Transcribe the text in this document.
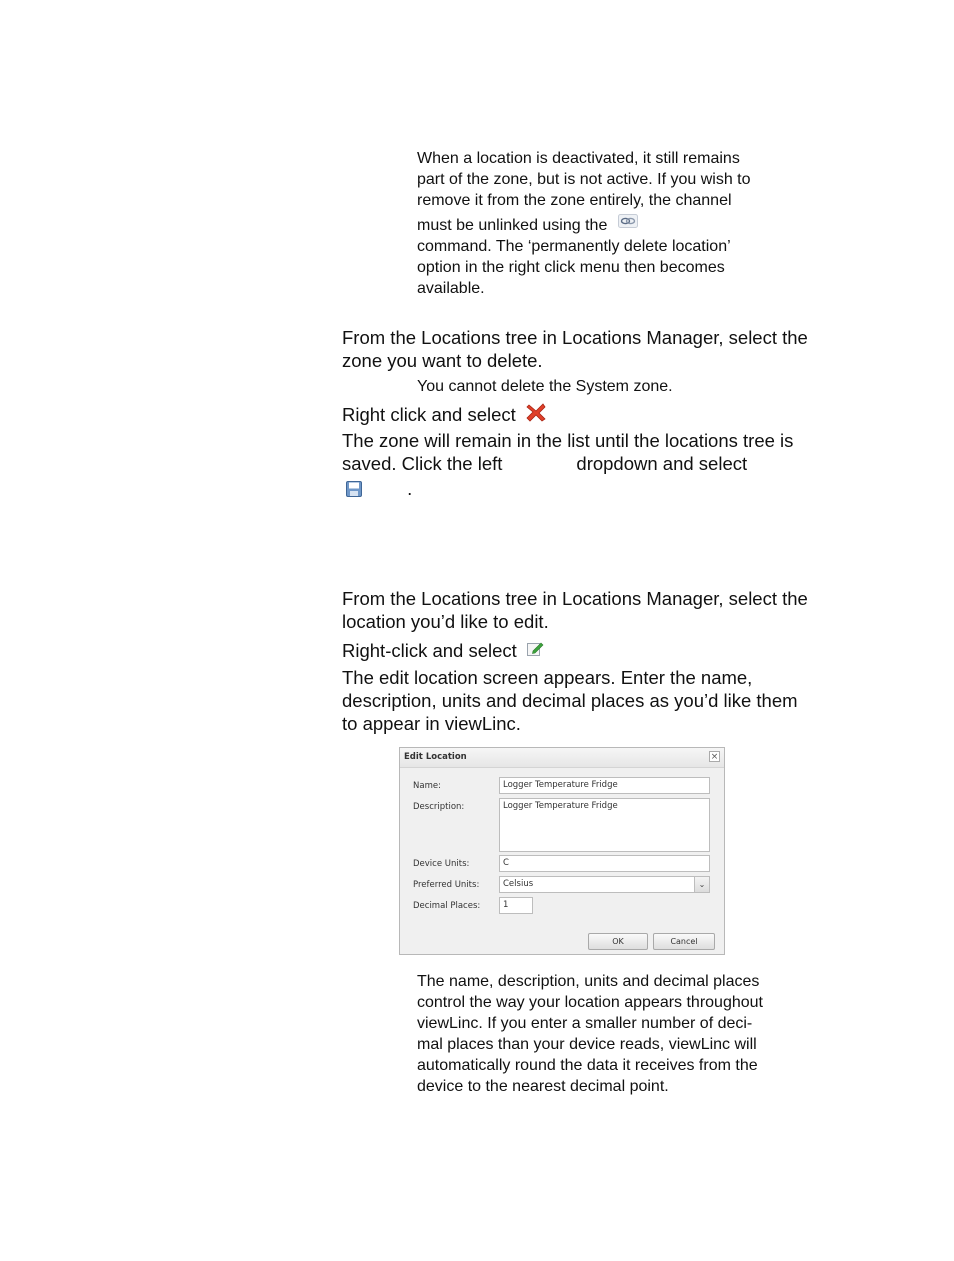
When a location is deactivated, it still remains
part of the zone, but is not active. If you wish to
remove it from the zone entirely, the channel
must be unlinked using the
command. The ‘permanently delete location’
option in the right click menu then becomes
available.
From the Locations tree in Locations Manager, select the
zone you want to delete.
You cannot delete the System zone.
Right click and select
The zone will remain in the list until the locations tree is
saved. Click the left	dropdown and select
.
From the Locations tree in Locations Manager, select the
location you’d like to edit.
Right-click and select
The edit location screen appears. Enter the name,
description, units and decimal places as you’d like them
to appear in viewLinc.
Edit Location	×
Name:	Logger Temperature Fridge
Description:	Logger Temperature Fridge
Device Units:	C
Preferred Units:	Celsius	⌄
Decimal Places:	1
OK	Cancel
The name, description, units and decimal places
control the way your location appears throughout
viewLinc. If you enter a smaller number of deci-
mal places than your device reads, viewLinc will
automatically round the data it receives from the
device to the nearest decimal point.
